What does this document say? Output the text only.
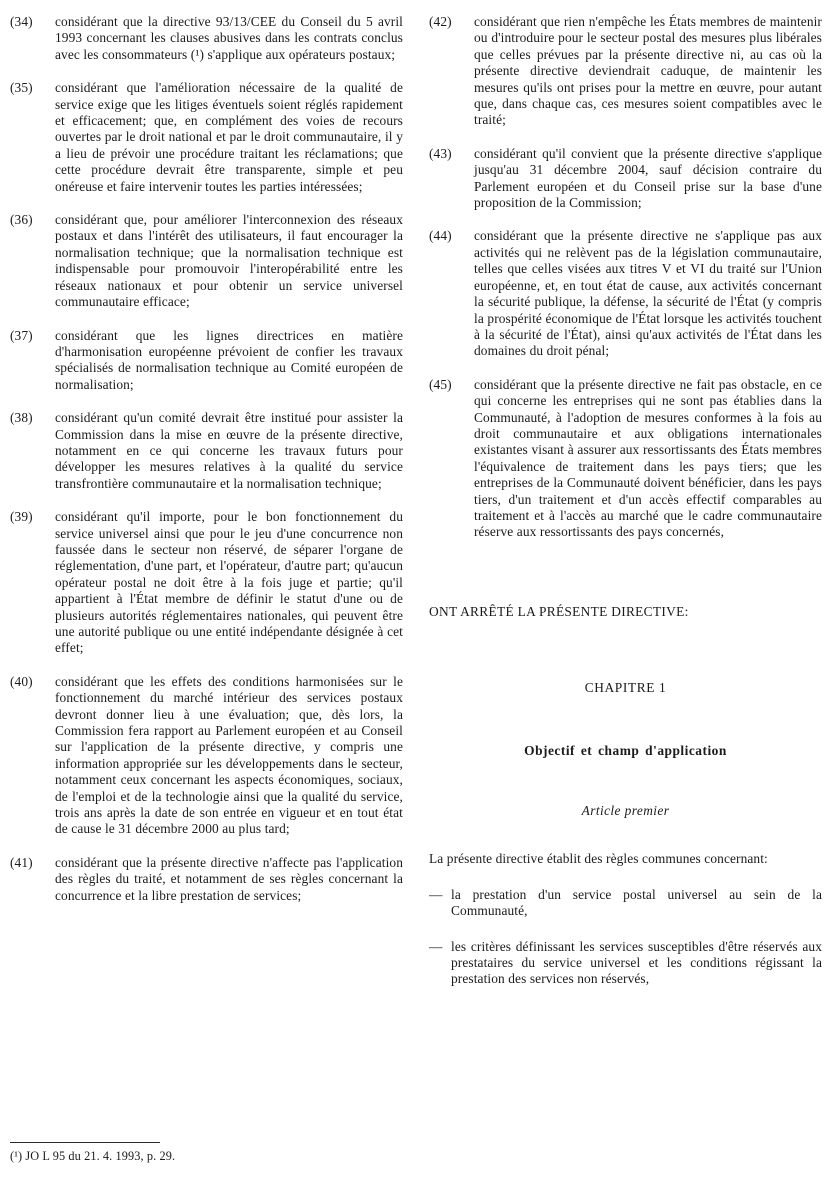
(34)	considérant que la directive 93/13/CEE du Conseil du 5 avril 1993 concernant les clauses abusives dans les contrats conclus avec les consommateurs (¹) s'applique aux opérateurs postaux;

(35)	considérant que l'amélioration nécessaire de la qualité de service exige que les litiges éventuels soient réglés rapidement et efficacement; que, en complément des voies de recours ouvertes par le droit national et par le droit communautaire, il y a lieu de prévoir une procédure traitant les réclamations; que cette procédure devrait être transparente, simple et peu onéreuse et faire intervenir toutes les parties intéressées;

(36)	considérant que, pour améliorer l'interconnexion des réseaux postaux et dans l'intérêt des utilisateurs, il faut encourager la normalisation technique; que la normalisation technique est indispensable pour promouvoir l'interopérabilité entre les réseaux nationaux et pour obtenir un service universel communautaire efficace;

(37)	considérant que les lignes directrices en matière d'harmonisation européenne prévoient de confier les travaux spécialisés de normalisation technique au Comité européen de normalisation;

(38)	considérant qu'un comité devrait être institué pour assister la Commission dans la mise en œuvre de la présente directive, notamment en ce qui concerne les travaux futurs pour développer les mesures relatives à la qualité du service transfrontière communautaire et la normalisation technique;

(39)	considérant qu'il importe, pour le bon fonctionnement du service universel ainsi que pour le jeu d'une concurrence non faussée dans le secteur non réservé, de séparer l'organe de réglementation, d'une part, et l'opérateur, d'autre part; qu'aucun opérateur postal ne doit être à la fois juge et partie; qu'il appartient à l'État membre de définir le statut d'une ou de plusieurs autorités réglementaires nationales, qui peuvent être une autorité publique ou une entité indépendante désignée à cet effet;

(40)	considérant que les effets des conditions harmonisées sur le fonctionnement du marché intérieur des services postaux devront donner lieu à une évaluation; que, dès lors, la Commission fera rapport au Parlement européen et au Conseil sur l'application de la présente directive, y compris une information appropriée sur les développements dans le secteur, notamment ceux concernant les aspects économiques, sociaux, de l'emploi et de la technologie ainsi que la qualité du service, trois ans après la date de son entrée en vigueur et en tout état de cause le 31 décembre 2000 au plus tard;

(41)	considérant que la présente directive n'affecte pas l'application des règles du traité, et notamment de ses règles concernant la concurrence et la libre prestation de services;

(¹) JO L 95 du 21. 4. 1993, p. 29.
(42)	considérant que rien n'empêche les États membres de maintenir ou d'introduire pour le secteur postal des mesures plus libérales que celles prévues par la présente directive ni, au cas où la présente directive deviendrait caduque, de maintenir les mesures qu'ils ont prises pour la mettre en œuvre, pour autant que, dans chaque cas, ces mesures soient compatibles avec le traité;

(43)	considérant qu'il convient que la présente directive s'applique jusqu'au 31 décembre 2004, sauf décision contraire du Parlement européen et du Conseil prise sur la base d'une proposition de la Commission;

(44)	considérant que la présente directive ne s'applique pas aux activités qui ne relèvent pas de la législation communautaire, telles que celles visées aux titres V et VI du traité sur l'Union européenne, et, en tout état de cause, aux activités concernant la sécurité publique, la défense, la sécurité de l'État (y compris la prospérité économique de l'État lorsque les activités touchent à la sécurité de l'État), ainsi qu'aux activités de l'État dans les domaines du droit pénal;

(45)	considérant que la présente directive ne fait pas obstacle, en ce qui concerne les entreprises qui ne sont pas établies dans la Communauté, à l'adoption de mesures conformes à la fois au droit communautaire et aux obligations internationales existantes visant à assurer aux ressortissants des États membres l'équivalence de traitement dans les pays tiers; que les entreprises de la Communauté doivent bénéficier, dans les pays tiers, d'un traitement et d'un accès effectif comparables au traitement et à l'accès au marché que le cadre communautaire réserve aux ressortissants des pays concernés,

ONT ARRÊTÉ LA PRÉSENTE DIRECTIVE:

CHAPITRE 1

Objectif et champ d'application

Article premier

La présente directive établit des règles communes concernant:

— la prestation d'un service postal universel au sein de la Communauté,

— les critères définissant les services susceptibles d'être réservés aux prestataires du service universel et les conditions régissant la prestation des services non réservés,
